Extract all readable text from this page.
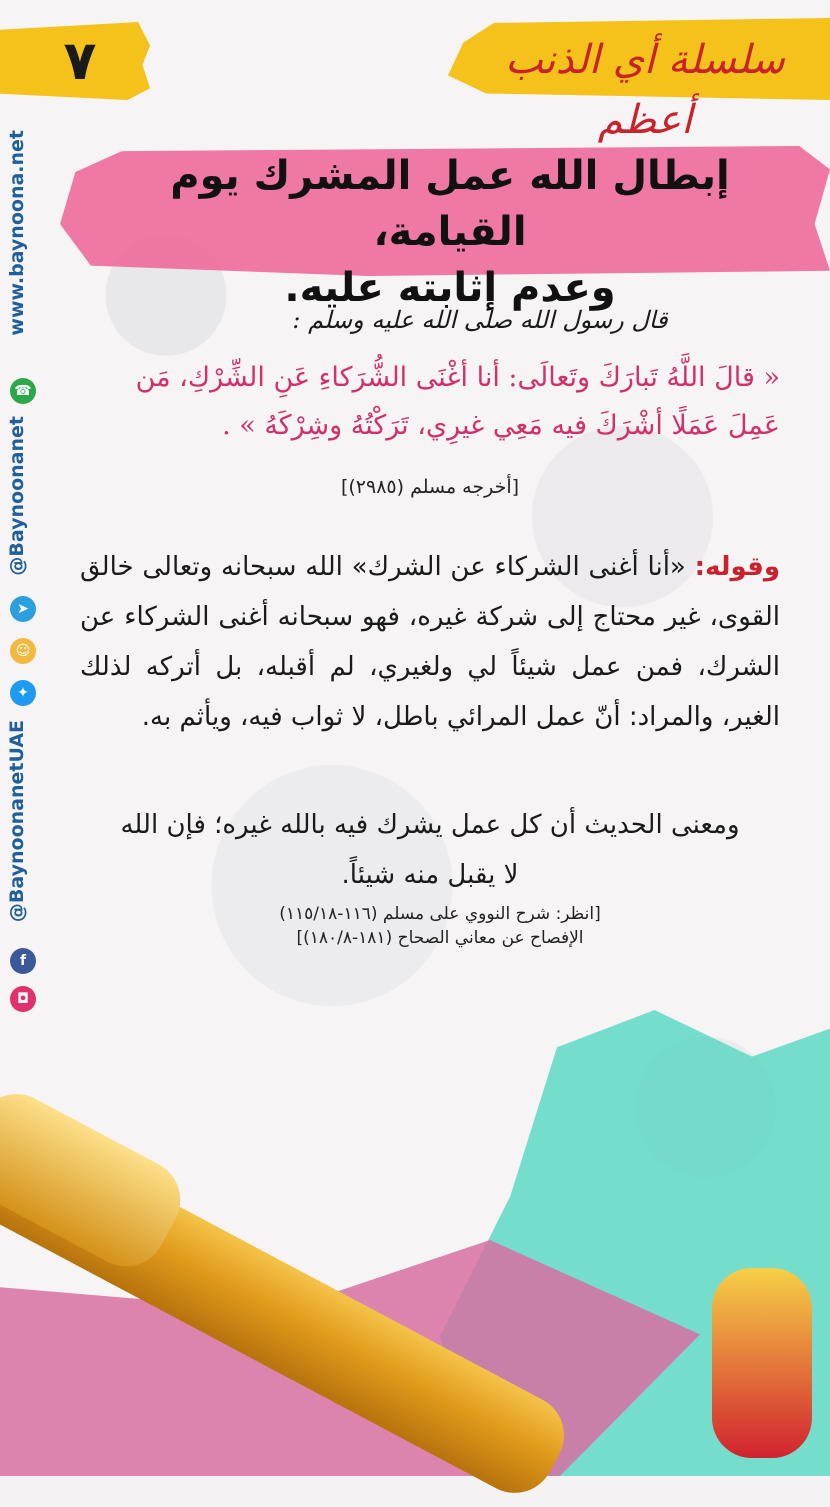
٧	سلسلة أي الذنب أعظم
إبطال الله عمل المشرك يوم القيامة،
وعدم إثابته عليه.
www.baynoona.net
☎
@Baynoonanet
➤
☺
✦
@BaynoonanetUAE
f
◘
قال رسول الله صلى الله عليه وسلم :
« قالَ اللَّهُ تَبارَكَ وتَعالَى: أنا أغْنَى الشُّرَكاءِ عَنِ الشِّرْكِ، مَن عَمِلَ عَمَلًا أشْرَكَ فيه مَعِي غيرِي، تَرَكْتُهُ وشِرْكَهُ » .
[أخرجه مسلم (٢٩٨٥)]
وقوله: «أنا أغنى الشركاء عن الشرك» الله سبحانه وتعالى خالق القوى، غير محتاج إلى شركة غيره، فهو سبحانه أغنى الشركاء عن الشرك، فمن عمل شيئاً لي ولغيري، لم أقبله، بل أتركه لذلك الغير، والمراد: أنّ عمل المرائي باطل، لا ثواب فيه، ويأثم به.
ومعنى الحديث أن كل عمل يشرك فيه بالله غيره؛ فإن الله لا يقبل منه شيئاً.
[انظر: شرح النووي على مسلم (١١٦-١١٥/١٨)
الإفصاح عن معاني الصحاح (١٨١-١٨٠/٨)]
